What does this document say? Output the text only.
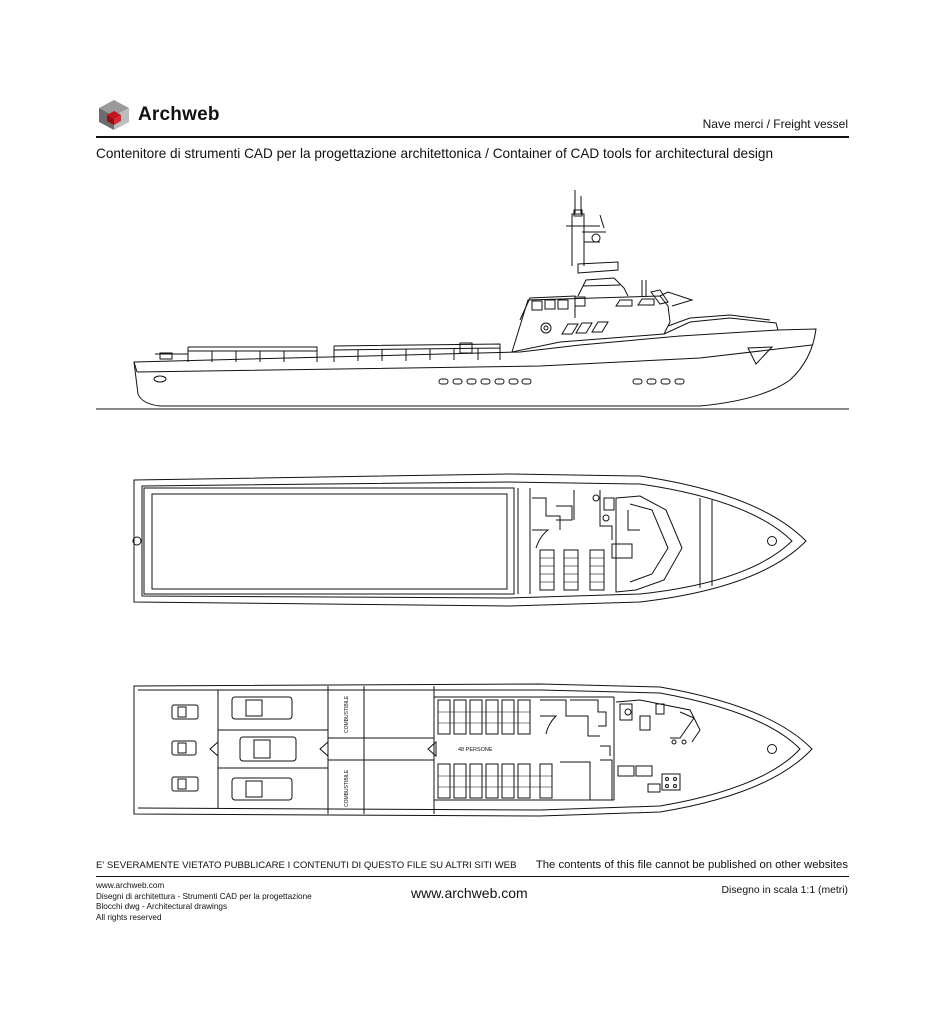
Archweb	Nave merci / Freight vessel
Contenitore di strumenti CAD per la progettazione architettonica / Container of CAD tools for architectural design
COMBUSTIBILE
COMBUSTIBILE
48 PERSONE
E' SEVERAMENTE VIETATO PUBBLICARE I CONTENUTI DI QUESTO FILE SU ALTRI SITI WEB The contents of this file cannot be published on other websites
www.archweb.com
Disegni di architettura - Strumenti CAD per la progettazione
Blocchi dwg - Architectural drawings
All rights reserved
www.archweb.com	Disegno in scala 1:1 (metri)
